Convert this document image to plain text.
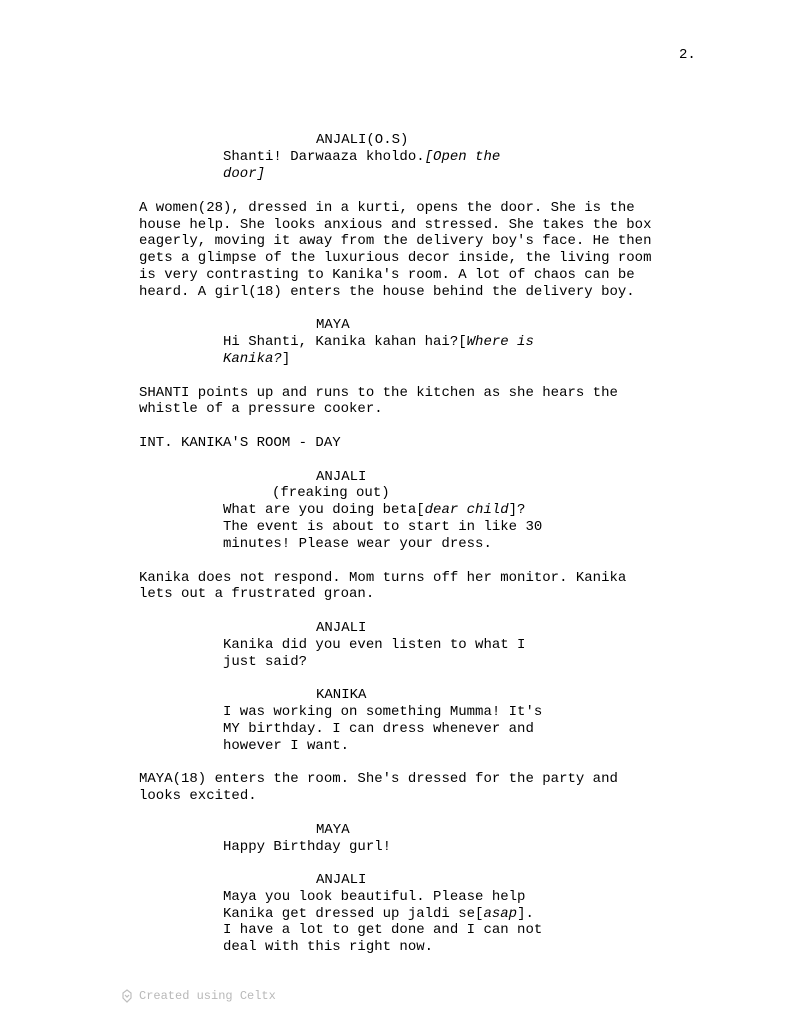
2.
ANJALI(O.S)
Shanti! Darwaaza kholdo.[Open the
door]
A women(28), dressed in a kurti, opens the door. She is the
house help. She looks anxious and stressed. She takes the box
eagerly, moving it away from the delivery boy's face. He then
gets a glimpse of the luxurious decor inside, the living room
is very contrasting to Kanika's room. A lot of chaos can be
heard. A girl(18) enters the house behind the delivery boy.
MAYA
Hi Shanti, Kanika kahan hai?[Where is
Kanika?]
SHANTI points up and runs to the kitchen as she hears the
whistle of a pressure cooker.
INT. KANIKA'S ROOM - DAY
ANJALI
(freaking out)
What are you doing beta[dear child]?
The event is about to start in like 30
minutes! Please wear your dress.
Kanika does not respond. Mom turns off her monitor. Kanika
lets out a frustrated groan.
ANJALI
Kanika did you even listen to what I
just said?
KANIKA
I was working on something Mumma! It's
MY birthday. I can dress whenever and
however I want.
MAYA(18) enters the room. She's dressed for the party and
looks excited.
MAYA
Happy Birthday gurl!
ANJALI
Maya you look beautiful. Please help
Kanika get dressed up jaldi se[asap].
I have a lot to get done and I can not
deal with this right now.
Created using Celtx
